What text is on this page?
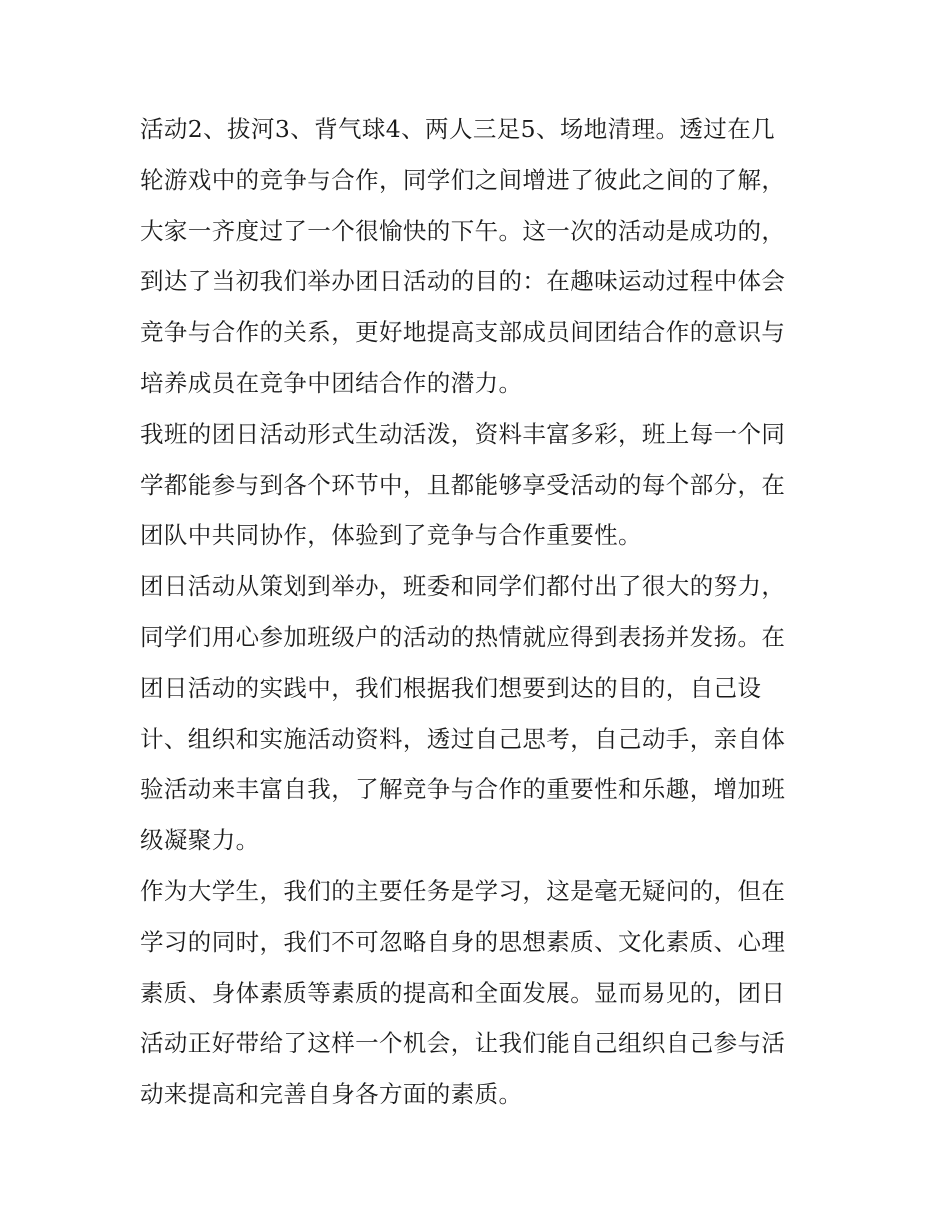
活动2、拔河3、背气球4、两人三足5、场地清理。透过在几
轮游戏中的竞争与合作，同学们之间增进了彼此之间的了解，
大家一齐度过了一个很愉快的下午。这一次的活动是成功的，
到达了当初我们举办团日活动的目的：在趣味运动过程中体会
竞争与合作的关系，更好地提高支部成员间团结合作的意识与
培养成员在竞争中团结合作的潜力。
我班的团日活动形式生动活泼，资料丰富多彩，班上每一个同
学都能参与到各个环节中，且都能够享受活动的每个部分，在
团队中共同协作，体验到了竞争与合作重要性。
团日活动从策划到举办，班委和同学们都付出了很大的努力，
同学们用心参加班级户的活动的热情就应得到表扬并发扬。在
团日活动的实践中，我们根据我们想要到达的目的，自己设
计、组织和实施活动资料，透过自己思考，自己动手，亲自体
验活动来丰富自我，了解竞争与合作的重要性和乐趣，增加班
级凝聚力。
作为大学生，我们的主要任务是学习，这是毫无疑问的，但在
学习的同时，我们不可忽略自身的思想素质、文化素质、心理
素质、身体素质等素质的提高和全面发展。显而易见的，团日
活动正好带给了这样一个机会，让我们能自己组织自己参与活
动来提高和完善自身各方面的素质。
